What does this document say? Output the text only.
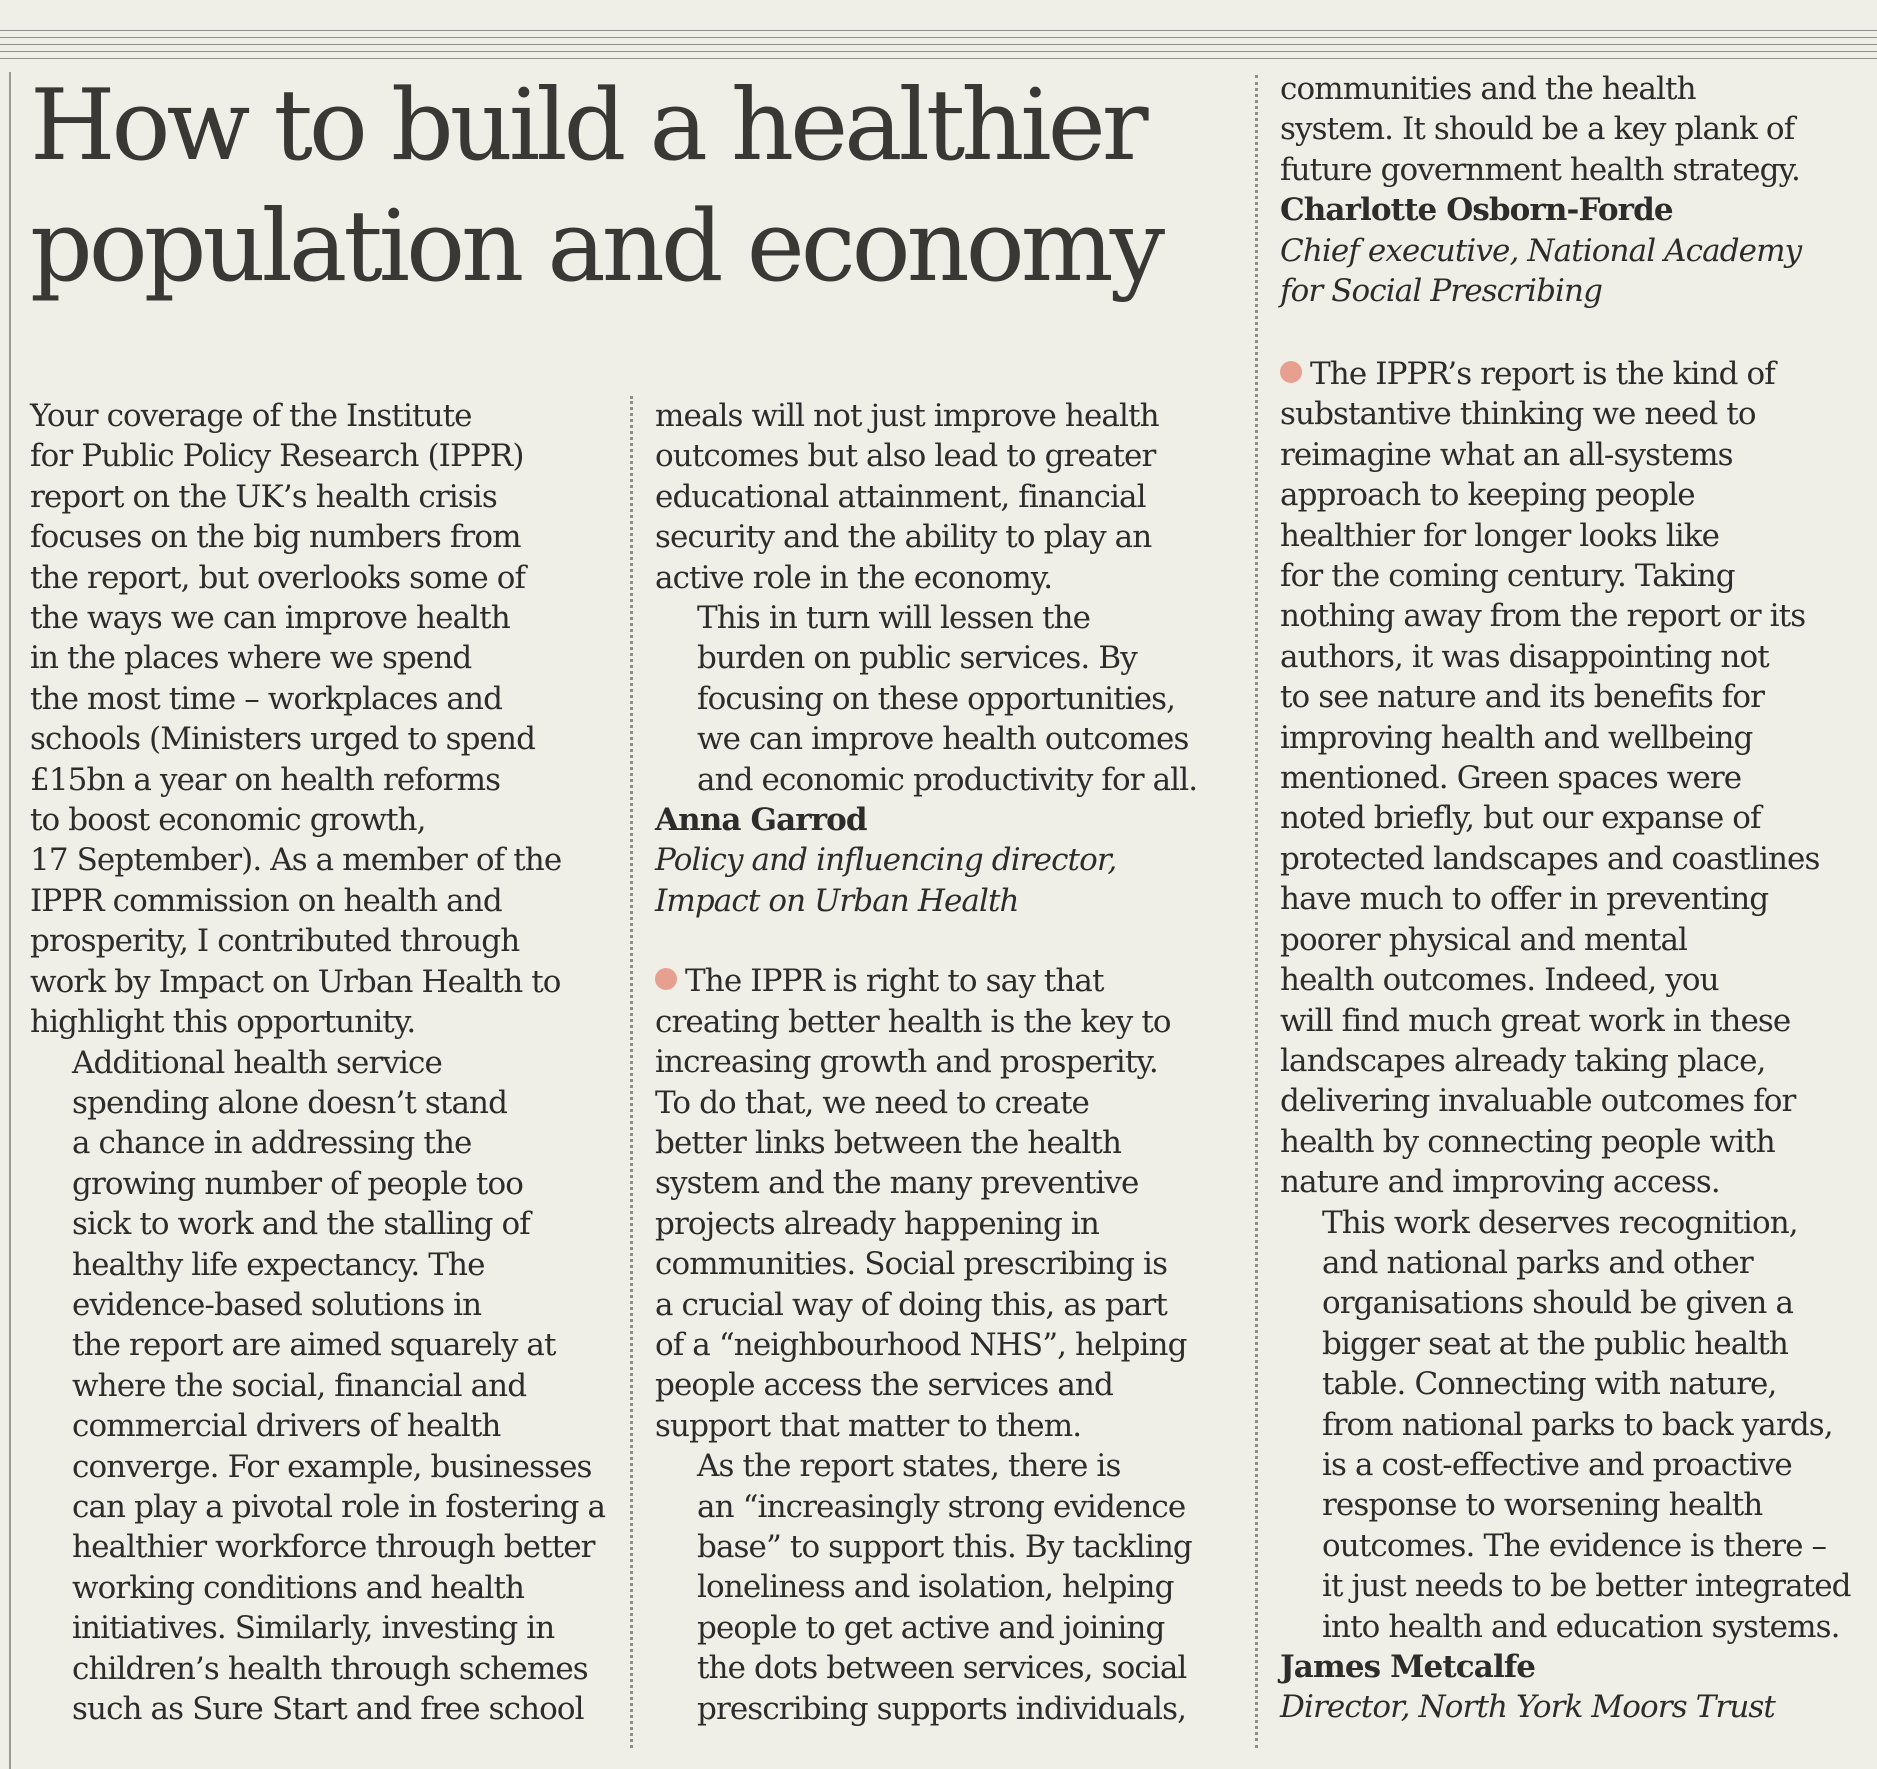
How to build a healthier
population and economy

Your coverage of the Institute
for Public Policy Research (IPPR)
report on the UK’s health crisis
focuses on the big numbers from
the report, but overlooks some of
the ways we can improve health
in the places where we spend
the most time – workplaces and
schools (Ministers urged to spend
£15bn a year on health reforms
to boost economic growth,
17 September). As a member of the
IPPR commission on health and
prosperity, I contributed through
work by Impact on Urban Health to
highlight this opportunity.

Additional health service
spending alone doesn’t stand
a chance in addressing the
growing number of people too
sick to work and the stalling of
healthy life expectancy. The
evidence-based solutions in
the report are aimed squarely at
where the social, financial and
commercial drivers of health
converge. For example, businesses
can play a pivotal role in fostering a
healthier workforce through better
working conditions and health
initiatives. Similarly, investing in
children’s health through schemes
such as Sure Start and free school

meals will not just improve health
outcomes but also lead to greater
educational attainment, financial
security and the ability to play an
active role in the economy.

This in turn will lessen the
burden on public services. By
focusing on these opportunities,
we can improve health outcomes
and economic productivity for all.

Anna Garrod
Policy and influencing director,
Impact on Urban Health

The IPPR is right to say that
creating better health is the key to
increasing growth and prosperity.
To do that, we need to create
better links between the health
system and the many preventive
projects already happening in
communities. Social prescribing is
a crucial way of doing this, as part
of a “neighbourhood NHS”, helping
people access the services and
support that matter to them.

As the report states, there is
an “increasingly strong evidence
base” to support this. By tackling
loneliness and isolation, helping
people to get active and joining
the dots between services, social
prescribing supports individuals,

communities and the health
system. It should be a key plank of
future government health strategy.

Charlotte Osborn-Forde
Chief executive, National Academy
for Social Prescribing

The IPPR’s report is the kind of
substantive thinking we need to
reimagine what an all-systems
approach to keeping people
healthier for longer looks like
for the coming century. Taking
nothing away from the report or its
authors, it was disappointing not
to see nature and its benefits for
improving health and wellbeing
mentioned. Green spaces were
noted briefly, but our expanse of
protected landscapes and coastlines
have much to offer in preventing
poorer physical and mental
health outcomes. Indeed, you
will find much great work in these
landscapes already taking place,
delivering invaluable outcomes for
health by connecting people with
nature and improving access.

This work deserves recognition,
and national parks and other
organisations should be given a
bigger seat at the public health
table. Connecting with nature,
from national parks to back yards,
is a cost-effective and proactive
response to worsening health
outcomes. The evidence is there –
it just needs to be better integrated
into health and education systems.

James Metcalfe
Director, North York Moors Trust
